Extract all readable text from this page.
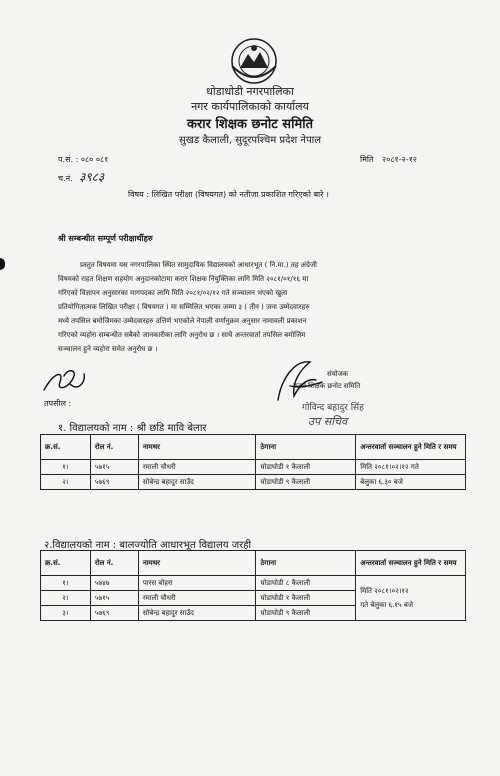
धोडाधोडी नगरपालिका
नगर कार्यपालिकाको कार्यालय
करार शिक्षक छनोट समिति
सुखड कैलाली, सुदूरपश्चिम प्रदेश नेपाल
प.सं. : ०८० ०८१
च.नं. ३९८३
मिति २०८१-२-१२
विषय : लिखित परीक्षा (विषयगत) को नतीजा प्रकाशित गरिएको बारे ।
श्री सम्बन्धीत सम्पूर्ण परीक्षार्थीहरु
प्रस्तुत विषयमा यस नगरपालिका स्थित सामुदायिक विद्यालयको आधारभूत ( नि.मा.) तह अंग्रेजी
विषयको राहत शिक्षण सहयोग अनुदानकोटामा करार शिक्षक नियुक्तिका लागि मिति २०८१/०१/१६ मा
गरिएको विज्ञापन अनुसारका मागपदका लागि मिति २०८१/०२/१२ गते सञ्चालन भएको खुला
प्रतियोगितात्मक लिखित परीक्षा ( विषयगत ) मा सम्मिलित भएका जम्मा ३ ( तीन ) जना उम्मेदवारहरु
मध्ये तपसिल बमोजिमका उम्मेदवारहरु उत्तिर्ण भएकोले नेपाली वर्णानुक्रम अनुसार नामावली प्रकाशन
गरिएको व्यहोरा सम्बन्धीत सबैको जानकारीका लागि अनुरोध छ । साथै अन्तरवार्ता तपसिल बमोजिम
सञ्चालन हुने व्यहोरा समेत अनुरोध छ ।
संयोजक
करार शिक्षक छनोट समिति
गोविन्द बहादुर सिंह
उप सचिव
तपसील :
१. विद्यालयको नाम : श्री छडि मावि बेलार
क्र.सं.	रोल नं.	नामथर	ठेगाना	अन्तरवार्ता सञ्चालन हुने मिति र समय
१।	५७१५	रमाली चौधरी	घोडाघोडी १ कैलाली	मिति २०८१।०२।१२ गते
२।	५७६९	सोबेन्द्र बहादुर साउँद	घोडाघोडी ९ कैलाली	बेलुका ६.३० बजे
२.विद्यालयको नाम : बालज्योति आधारभूत विद्यालय जरही
क्र.सं.	रोल नं.	नामथर	ठेगाना	अन्तरवार्ता सञ्चालन हुने मिति र समय
१।	५७४७	पारस बोहरा	घोडाघोडी ८ कैलाली	मिति २०८१।०२।१२
गते बेलुका ६.१५ बजे

२।	५७१५	रमाली चौधरी	घोडाघोडी १ कैलाली	
३।	५७६९	सोबेन्द्र बहादुर साउँद	घोडाघोडी ९ कैलाली	
